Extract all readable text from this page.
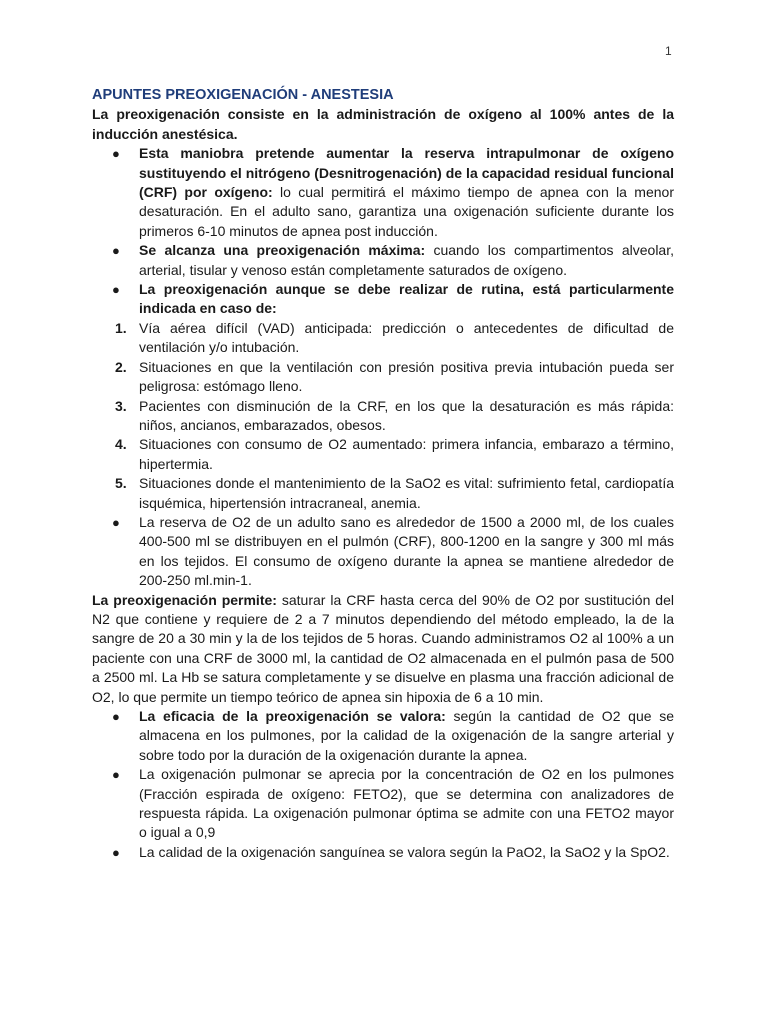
1
APUNTES PREOXIGENACIÓN - ANESTESIA

La preoxigenación consiste en la administración de oxígeno al 100% antes de la inducción anestésica.

● Esta maniobra pretende aumentar la reserva intrapulmonar de oxígeno sustituyendo el nitrógeno (Desnitrogenación) de la capacidad residual funcional (CRF) por oxígeno: lo cual permitirá el máximo tiempo de apnea con la menor desaturación. En el adulto sano, garantiza una oxigenación suficiente durante los primeros 6-10 minutos de apnea post inducción.
● Se alcanza una preoxigenación máxima: cuando los compartimentos alveolar, arterial, tisular y venoso están completamente saturados de oxígeno.
● La preoxigenación aunque se debe realizar de rutina, está particularmente indicada en caso de:
1. Vía aérea difícil (VAD) anticipada: predicción o antecedentes de dificultad de ventilación y/o intubación.
2. Situaciones en que la ventilación con presión positiva previa intubación pueda ser peligrosa: estómago lleno.
3. Pacientes con disminución de la CRF, en los que la desaturación es más rápida: niños, ancianos, embarazados, obesos.
4. Situaciones con consumo de O2 aumentado: primera infancia, embarazo a término, hipertermia.
5. Situaciones donde el mantenimiento de la SaO2 es vital: sufrimiento fetal, cardiopatía isquémica, hipertensión intracraneal, anemia.
● La reserva de O2 de un adulto sano es alrededor de 1500 a 2000 ml, de los cuales 400-500 ml se distribuyen en el pulmón (CRF), 800-1200 en la sangre y 300 ml más en los tejidos. El consumo de oxígeno durante la apnea se mantiene alrededor de 200-250 ml.min-1.

La preoxigenación permite: saturar la CRF hasta cerca del 90% de O2 por sustitución del N2 que contiene y requiere de 2 a 7 minutos dependiendo del método empleado, la de la sangre de 20 a 30 min y la de los tejidos de 5 horas. Cuando administramos O2 al 100% a un paciente con una CRF de 3000 ml, la cantidad de O2 almacenada en el pulmón pasa de 500 a 2500 ml. La Hb se satura completamente y se disuelve en plasma una fracción adicional de O2, lo que permite un tiempo teórico de apnea sin hipoxia de 6 a 10 min.

● La eficacia de la preoxigenación se valora: según la cantidad de O2 que se almacena en los pulmones, por la calidad de la oxigenación de la sangre arterial y sobre todo por la duración de la oxigenación durante la apnea.
● La oxigenación pulmonar se aprecia por la concentración de O2 en los pulmones (Fracción espirada de oxígeno: FETO2), que se determina con analizadores de respuesta rápida. La oxigenación pulmonar óptima se admite con una FETO2 mayor o igual a 0,9
● La calidad de la oxigenación sanguínea se valora según la PaO2, la SaO2 y la SpO2.
